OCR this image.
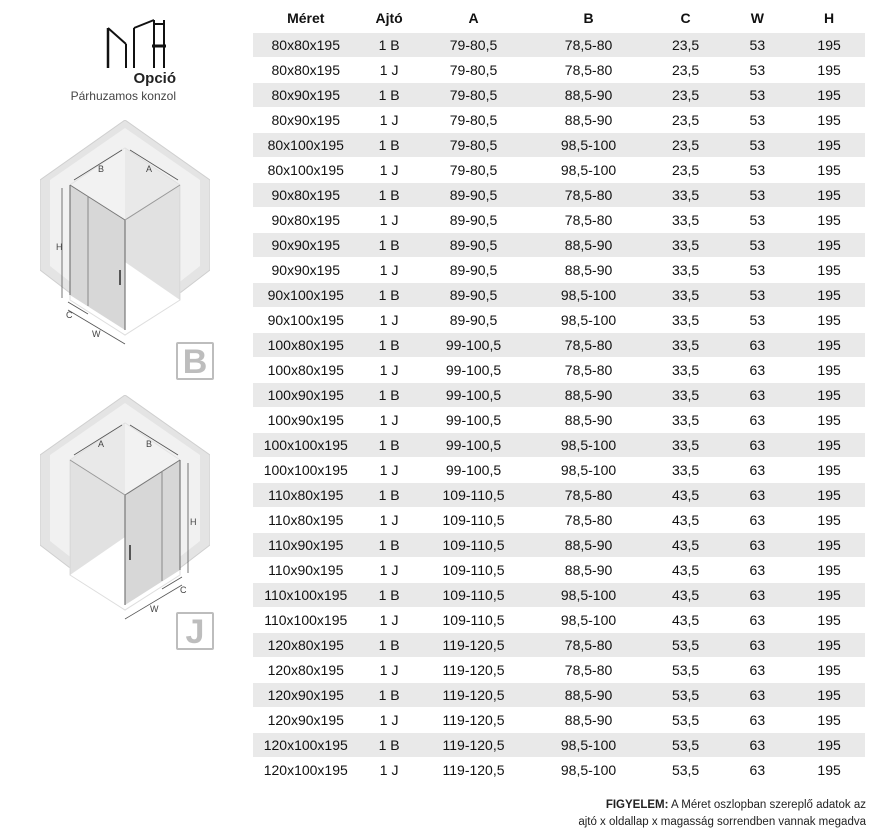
Opció
Párhuzamos konzol
B	A
H
C
W
B
A	B
H
C
W
J
Méret	Ajtó	A	B	C	W	H
80x80x195	1 B	79-80,5	78,5-80	23,5	53	195
80x80x195	1 J	79-80,5	78,5-80	23,5	53	195
80x90x195	1 B	79-80,5	88,5-90	23,5	53	195
80x90x195	1 J	79-80,5	88,5-90	23,5	53	195
80x100x195	1 B	79-80,5	98,5-100	23,5	53	195
80x100x195	1 J	79-80,5	98,5-100	23,5	53	195
90x80x195	1 B	89-90,5	78,5-80	33,5	53	195
90x80x195	1 J	89-90,5	78,5-80	33,5	53	195
90x90x195	1 B	89-90,5	88,5-90	33,5	53	195
90x90x195	1 J	89-90,5	88,5-90	33,5	53	195
90x100x195	1 B	89-90,5	98,5-100	33,5	53	195
90x100x195	1 J	89-90,5	98,5-100	33,5	53	195
100x80x195	1 B	99-100,5	78,5-80	33,5	63	195
100x80x195	1 J	99-100,5	78,5-80	33,5	63	195
100x90x195	1 B	99-100,5	88,5-90	33,5	63	195
100x90x195	1 J	99-100,5	88,5-90	33,5	63	195
100x100x195	1 B	99-100,5	98,5-100	33,5	63	195
100x100x195	1 J	99-100,5	98,5-100	33,5	63	195
110x80x195	1 B	109-110,5	78,5-80	43,5	63	195
110x80x195	1 J	109-110,5	78,5-80	43,5	63	195
110x90x195	1 B	109-110,5	88,5-90	43,5	63	195
110x90x195	1 J	109-110,5	88,5-90	43,5	63	195
110x100x195	1 B	109-110,5	98,5-100	43,5	63	195
110x100x195	1 J	109-110,5	98,5-100	43,5	63	195
120x80x195	1 B	119-120,5	78,5-80	53,5	63	195
120x80x195	1 J	119-120,5	78,5-80	53,5	63	195
120x90x195	1 B	119-120,5	88,5-90	53,5	63	195
120x90x195	1 J	119-120,5	88,5-90	53,5	63	195
120x100x195	1 B	119-120,5	98,5-100	53,5	63	195
120x100x195	1 J	119-120,5	98,5-100	53,5	63	195
FIGYELEM: A Méret oszlopban szereplő adatok az
ajtó x oldallap x magasság sorrendben vannak megadva
